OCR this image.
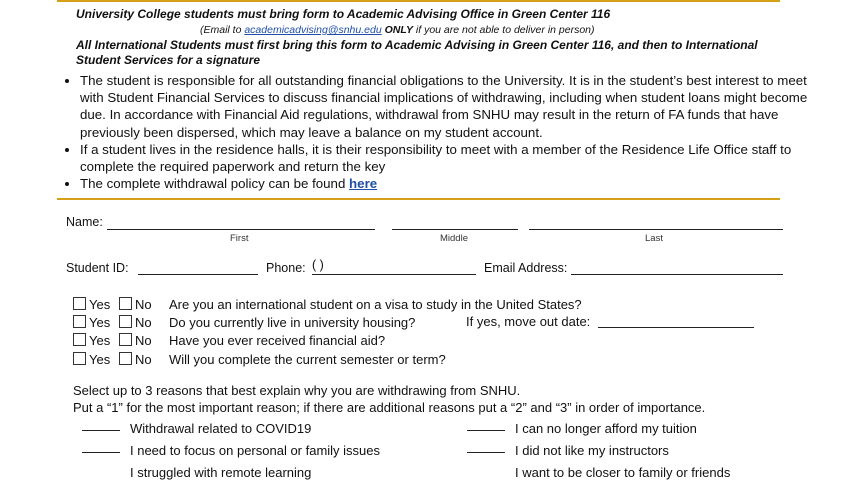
University College students must bring form to Academic Advising Office in Green Center 116
(Email to academicadvising@snhu.edu ONLY if you are not able to deliver in person)
All International Students must first bring this form to Academic Advising in Green Center 116, and then to International Student Services for a signature
• The student is responsible for all outstanding financial obligations to the University. It is in the student’s best interest to meet with Student Financial Services to discuss financial implications of withdrawing, including when student loans might become due. In accordance with Financial Aid regulations, withdrawal from SNHU may result in the return of FA funds that have previously been dispersed, which may leave a balance on my student account.
• If a student lives in the residence halls, it is their responsibility to meet with a member of the Residence Life Office staff to complete the required paperwork and return the key
• The complete withdrawal policy can be found here
Name:
First	Middle	Last
Student ID:	Phone: ( )	Email Address:
Yes No Are you an international student on a visa to study in the United States?
Yes No Do you currently live in university housing?	If yes, move out date:
Yes No Have you ever received financial aid?
Yes No Will you complete the current semester or term?
Select up to 3 reasons that best explain why you are withdrawing from SNHU.
Put a “1” for the most important reason; if there are additional reasons put a “2” and “3” in order of importance.
Withdrawal related to COVID19
I need to focus on personal or family issues
I struggled with remote learning
I can no longer afford my tuition
I did not like my instructors
I want to be closer to family or friends
